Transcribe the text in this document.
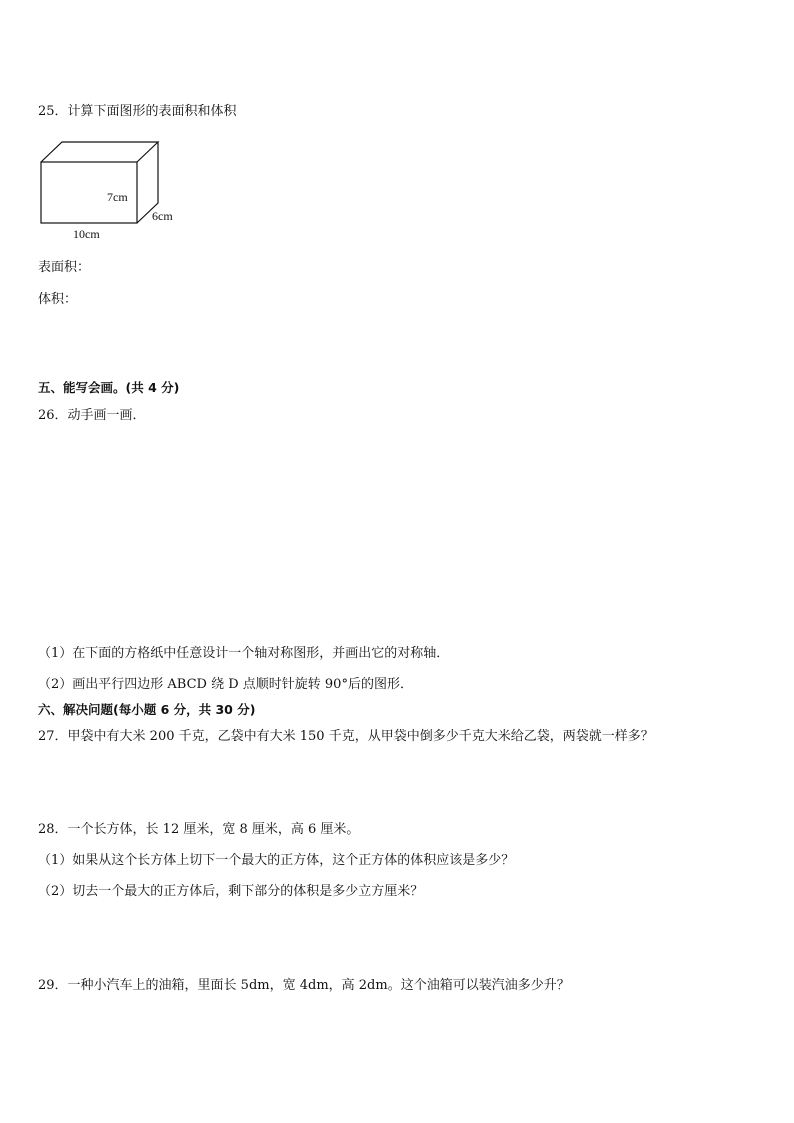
25．计算下面图形的表面积和体积
7cm
6cm
10cm
表面积：
体积：
五、能写会画。(共 4 分)
26．动手画一画．
（1）在下面的方格纸中任意设计一个轴对称图形，并画出它的对称轴．
（2）画出平行四边形 ABCD 绕 D 点顺时针旋转 90°后的图形．
六、解决问题(每小题 6 分，共 30 分)
27．甲袋中有大米 200 千克，乙袋中有大米 150 千克，从甲袋中倒多少千克大米给乙袋，两袋就一样多？
28．一个长方体，长 12 厘米，宽 8 厘米，高 6 厘米。
（1）如果从这个长方体上切下一个最大的正方体，这个正方体的体积应该是多少？
（2）切去一个最大的正方体后，剩下部分的体积是多少立方厘米？
29．一种小汽车上的油箱，里面长 5dm，宽 4dm，高 2dm。这个油箱可以装汽油多少升？
